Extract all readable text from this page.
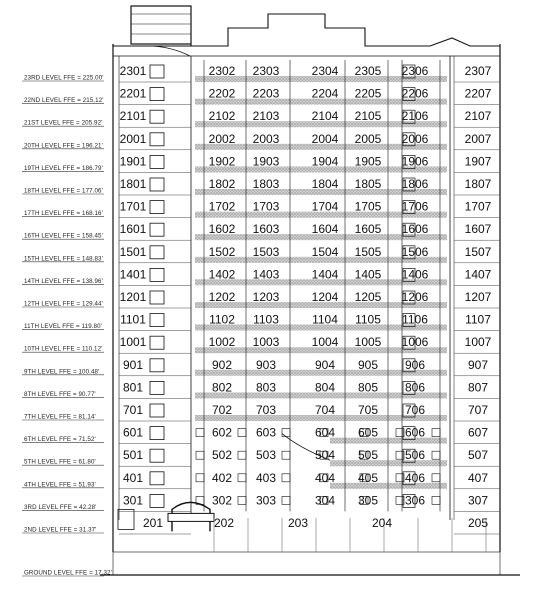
23RD LEVEL FFE = 225.00'
22ND LEVEL FFE = 215.12'
21ST LEVEL FFE = 205.92'
20TH LEVEL FFE = 196.21'
19TH LEVEL FFE = 186.79'
18TH LEVEL FFE = 177.06'
17TH LEVEL FFE = 168.16'
16TH LEVEL FFE = 158.45'
15TH LEVEL FFE = 148.83'
14TH LEVEL FFE = 138.96'
12TH LEVEL FFE = 129.44'
11TH LEVEL FFE = 119.80'
10TH LEVEL FFE = 110.12'
9TH LEVEL FFE = 100.48'
8TH LEVEL FFE = 90.77'
7TH LEVEL FFE = 81.14'
6TH LEVEL FFE = 71.52'
5TH LEVEL FFE = 61.80'
4TH LEVEL FFE = 51.93'
3RD LEVEL FFE = 42.28'
2ND LEVEL FFE = 31.37'
GROUND LEVEL FFE = 17.32'
2301	2302 2303	2304 2305 2306	2307
2201	2202 2203	2204 2205 2206	2207
2101	2102 2103	2104 2105 2106	2107
2001	2002 2003	2004 2005 2006	2007
1901	1902 1903	1904 1905 1906	1907
1801	1802 1803	1804 1805 1806	1807
1701	1702 1703	1704 1705 1706	1707
1601	1602 1603	1604 1605 1606	1607
1501	1502 1503	1504 1505 1506	1507
1401	1402 1403	1404 1405 1406	1407
1201	1202 1203	1204 1205 1206	1207
1101	1102 1103	1104 1105 1106	1107
1001	1002 1003	1004 1005 1006	1007
901	902 903	904 905 906	907
801	802 803	804 805 806	807
701	702 703	704 705 706	707
601	602 603	604 605 606	607
501	502 503	504 505 506	507
401	402 403	404 405 406	407
301	302 303	304 305 306	307
201	202	203	204	205
